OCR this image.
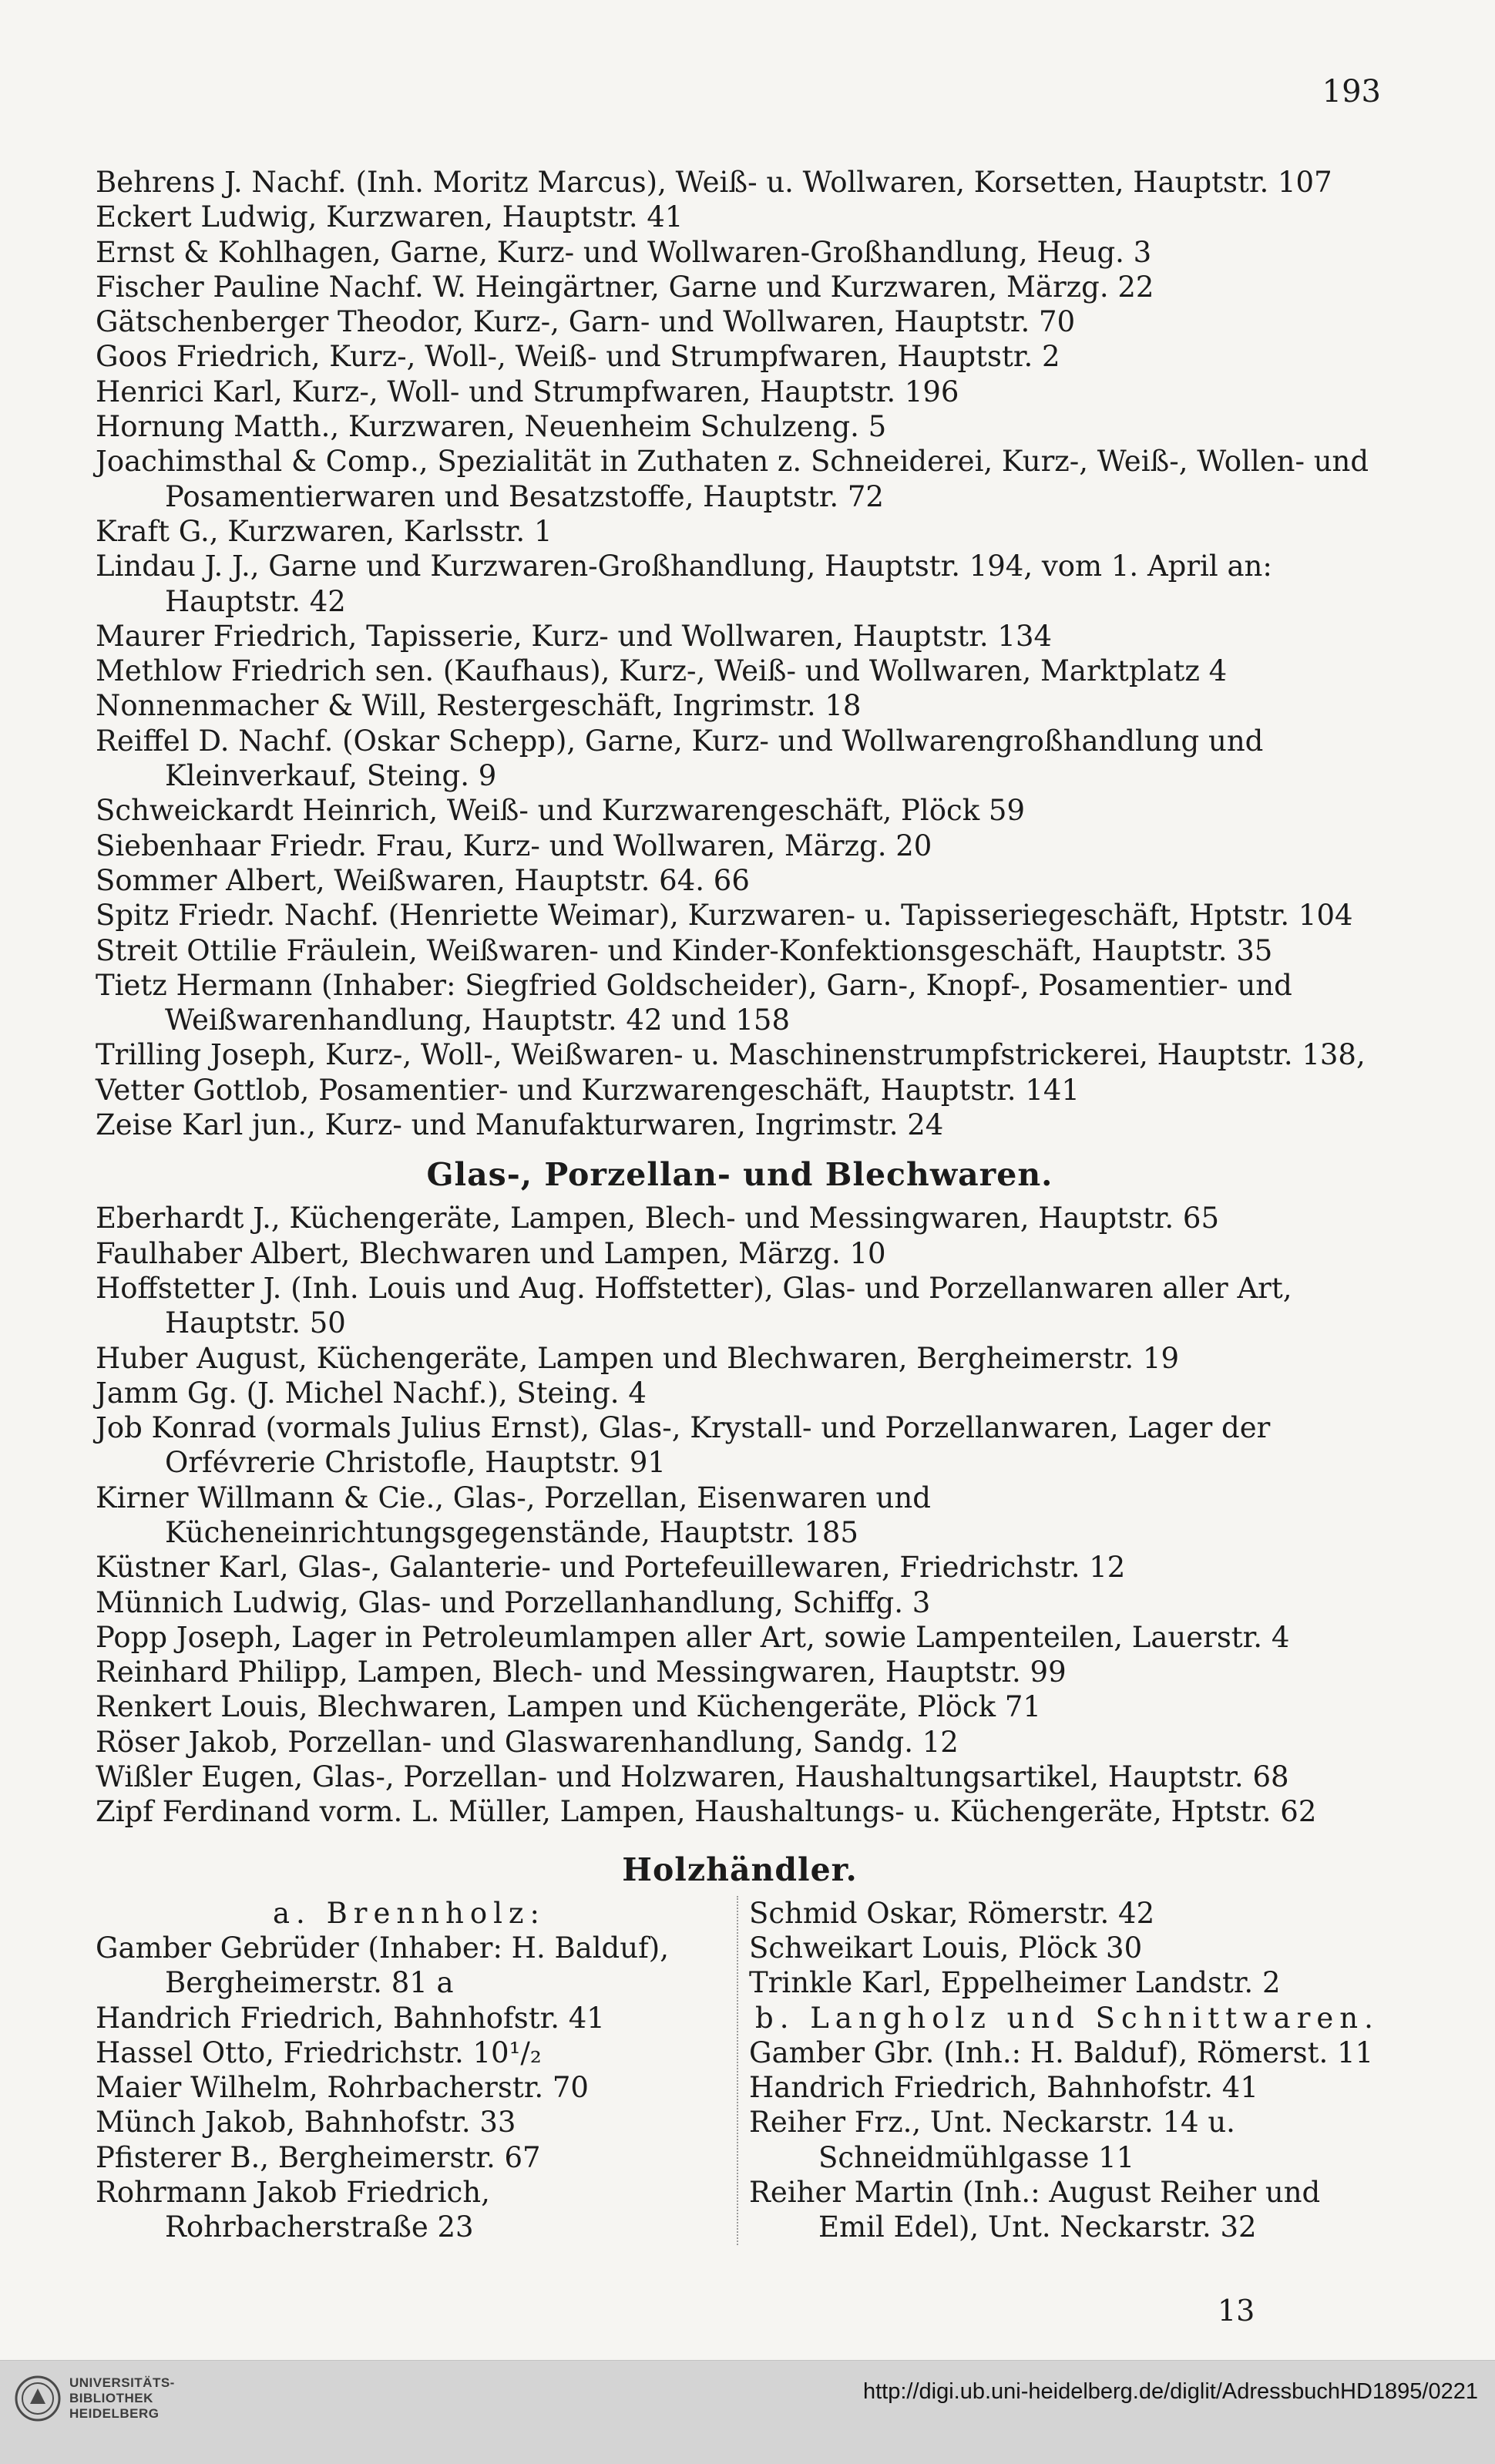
193
Behrens J. Nachf. (Inh. Moritz Marcus), Weiß- u. Wollwaren, Korsetten, Hauptstr. 107
Eckert Ludwig, Kurzwaren, Hauptstr. 41
Ernst & Kohlhagen, Garne, Kurz- und Wollwaren-Großhandlung, Heug. 3
Fischer Pauline Nachf. W. Heingärtner, Garne und Kurzwaren, Märzg. 22
Gätschenberger Theodor, Kurz-, Garn- und Wollwaren, Hauptstr. 70
Goos Friedrich, Kurz-, Woll-, Weiß- und Strumpfwaren, Hauptstr. 2
Henrici Karl, Kurz-, Woll- und Strumpfwaren, Hauptstr. 196
Hornung Matth., Kurzwaren, Neuenheim Schulzeng. 5
Joachimsthal & Comp., Spezialität in Zuthaten z. Schneiderei, Kurz-, Weiß-, Wollen- und Posamentierwaren und Besatzstoffe, Hauptstr. 72
Kraft G., Kurzwaren, Karlsstr. 1
Lindau J. J., Garne und Kurzwaren-Großhandlung, Hauptstr. 194, vom 1. April an: Hauptstr. 42
Maurer Friedrich, Tapisserie, Kurz- und Wollwaren, Hauptstr. 134
Methlow Friedrich sen. (Kaufhaus), Kurz-, Weiß- und Wollwaren, Marktplatz 4
Nonnenmacher & Will, Restergeschäft, Ingrimstr. 18
Reiffel D. Nachf. (Oskar Schepp), Garne, Kurz- und Wollwarengroßhandlung und Kleinverkauf, Steing. 9
Schweickardt Heinrich, Weiß- und Kurzwarengeschäft, Plöck 59
Siebenhaar Friedr. Frau, Kurz- und Wollwaren, Märzg. 20
Sommer Albert, Weißwaren, Hauptstr. 64. 66
Spitz Friedr. Nachf. (Henriette Weimar), Kurzwaren- u. Tapisseriegeschäft, Hptstr. 104
Streit Ottilie Fräulein, Weißwaren- und Kinder-Konfektionsgeschäft, Hauptstr. 35
Tietz Hermann (Inhaber: Siegfried Goldscheider), Garn-, Knopf-, Posamentier- und Weißwarenhandlung, Hauptstr. 42 und 158
Trilling Joseph, Kurz-, Woll-, Weißwaren- u. Maschinenstrumpfstrickerei, Hauptstr. 138,
Vetter Gottlob, Posamentier- und Kurzwarengeschäft, Hauptstr. 141
Zeise Karl jun., Kurz- und Manufakturwaren, Ingrimstr. 24
Glas-, Porzellan- und Blechwaren.
Eberhardt J., Küchengeräte, Lampen, Blech- und Messingwaren, Hauptstr. 65
Faulhaber Albert, Blechwaren und Lampen, Märzg. 10
Hoffstetter J. (Inh. Louis und Aug. Hoffstetter), Glas- und Porzellanwaren aller Art, Hauptstr. 50
Huber August, Küchengeräte, Lampen und Blechwaren, Bergheimerstr. 19
Jamm Gg. (J. Michel Nachf.), Steing. 4
Job Konrad (vormals Julius Ernst), Glas-, Krystall- und Porzellanwaren, Lager der Orfévrerie Christofle, Hauptstr. 91
Kirner Willmann & Cie., Glas-, Porzellan, Eisenwaren und Kücheneinrichtungsgegenstände, Hauptstr. 185
Küstner Karl, Glas-, Galanterie- und Portefeuillewaren, Friedrichstr. 12
Münnich Ludwig, Glas- und Porzellanhandlung, Schiffg. 3
Popp Joseph, Lager in Petroleumlampen aller Art, sowie Lampenteilen, Lauerstr. 4
Reinhard Philipp, Lampen, Blech- und Messingwaren, Hauptstr. 99
Renkert Louis, Blechwaren, Lampen und Küchengeräte, Plöck 71
Röser Jakob, Porzellan- und Glaswarenhandlung, Sandg. 12
Wißler Eugen, Glas-, Porzellan- und Holzwaren, Haushaltungsartikel, Hauptstr. 68
Zipf Ferdinand vorm. L. Müller, Lampen, Haushaltungs- u. Küchengeräte, Hptstr. 62
Holzhändler.
a. Brennholz:
Gamber Gebrüder (Inhaber: H. Balduf), Bergheimerstr. 81 a
Handrich Friedrich, Bahnhofstr. 41
Hassel Otto, Friedrichstr. 10¹/₂
Maier Wilhelm, Rohrbacherstr. 70
Münch Jakob, Bahnhofstr. 33
Pfisterer B., Bergheimerstr. 67
Rohrmann Jakob Friedrich, Rohrbacherstraße 23
Schmid Oskar, Römerstr. 42
Schweikart Louis, Plöck 30
Trinkle Karl, Eppelheimer Landstr. 2
b. Langholz und Schnittwaren.
Gamber Gbr. (Inh.: H. Balduf), Römerst. 11
Handrich Friedrich, Bahnhofstr. 41
Reiher Frz., Unt. Neckarstr. 14 u. Schneidmühlgasse 11
Reiher Martin (Inh.: August Reiher und Emil Edel), Unt. Neckarstr. 32
13
UNIVERSITÄTS-
BIBLIOTHEK
HEIDELBERG
http://digi.ub.uni-heidelberg.de/diglit/AdressbuchHD1895/0221
